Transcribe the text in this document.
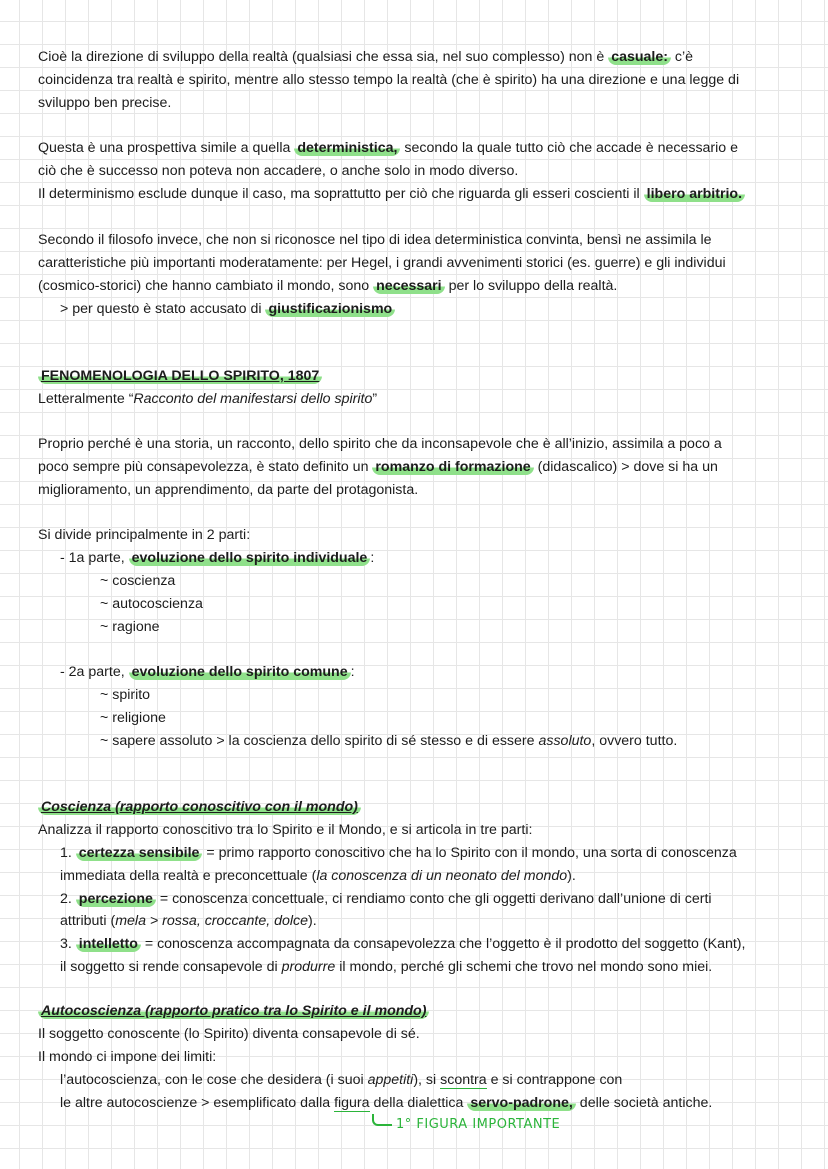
Cioè la direzione di sviluppo della realtà (qualsiasi che essa sia, nel suo complesso) non è casuale: c’è
coincidenza tra realtà e spirito, mentre allo stesso tempo la realtà (che è spirito) ha una direzione e una legge di
sviluppo ben precise.
Questa è una prospettiva simile a quella deterministica, secondo la quale tutto ciò che accade è necessario e
ciò che è successo non poteva non accadere, o anche solo in modo diverso.
Il determinismo esclude dunque il caso, ma soprattutto per ciò che riguarda gli esseri coscienti il libero arbitrio.
Secondo il filosofo invece, che non si riconosce nel tipo di idea deterministica convinta, bensì ne assimila le
caratteristiche più importanti moderatamente: per Hegel, i grandi avvenimenti storici (es. guerre) e gli individui
(cosmico-storici) che hanno cambiato il mondo, sono necessari per lo sviluppo della realtà.
> per questo è stato accusato di giustificazionismo
FENOMENOLOGIA DELLO SPIRITO, 1807
Letteralmente “Racconto del manifestarsi dello spirito”
Proprio perché è una storia, un racconto, dello spirito che da inconsapevole che è all’inizio, assimila a poco a
poco sempre più consapevolezza, è stato definito un romanzo di formazione (didascalico) > dove si ha un
miglioramento, un apprendimento, da parte del protagonista.
Si divide principalmente in 2 parti:
- 1a parte, evoluzione dello spirito individuale :
~ coscienza
~ autocoscienza
~ ragione
- 2a parte, evoluzione dello spirito comune :
~ spirito
~ religione
~ sapere assoluto > la coscienza dello spirito di sé stesso e di essere assoluto, ovvero tutto.
Coscienza (rapporto conoscitivo con il mondo)
Analizza il rapporto conoscitivo tra lo Spirito e il Mondo, e si articola in tre parti:
1. certezza sensibile = primo rapporto conoscitivo che ha lo Spirito con il mondo, una sorta di conoscenza
immediata della realtà e preconcettuale (la conoscenza di un neonato del mondo).
2. percezione = conoscenza concettuale, ci rendiamo conto che gli oggetti derivano dall’unione di certi
attributi (mela > rossa, croccante, dolce).
3. intelletto = conoscenza accompagnata da consapevolezza che l’oggetto è il prodotto del soggetto (Kant),
il soggetto si rende consapevole di produrre il mondo, perché gli schemi che trovo nel mondo sono miei.
Autocoscienza (rapporto pratico tra lo Spirito e il mondo)
Il soggetto conoscente (lo Spirito) diventa consapevole di sé.
Il mondo ci impone dei limiti:
l’autocoscienza, con le cose che desidera (i suoi appetiti), si scontra e si contrappone con
le altre autocoscienze > esemplificato dalla figura della dialettica servo-padrone, delle società antiche.
1° FIGURA IMPORTANTE
